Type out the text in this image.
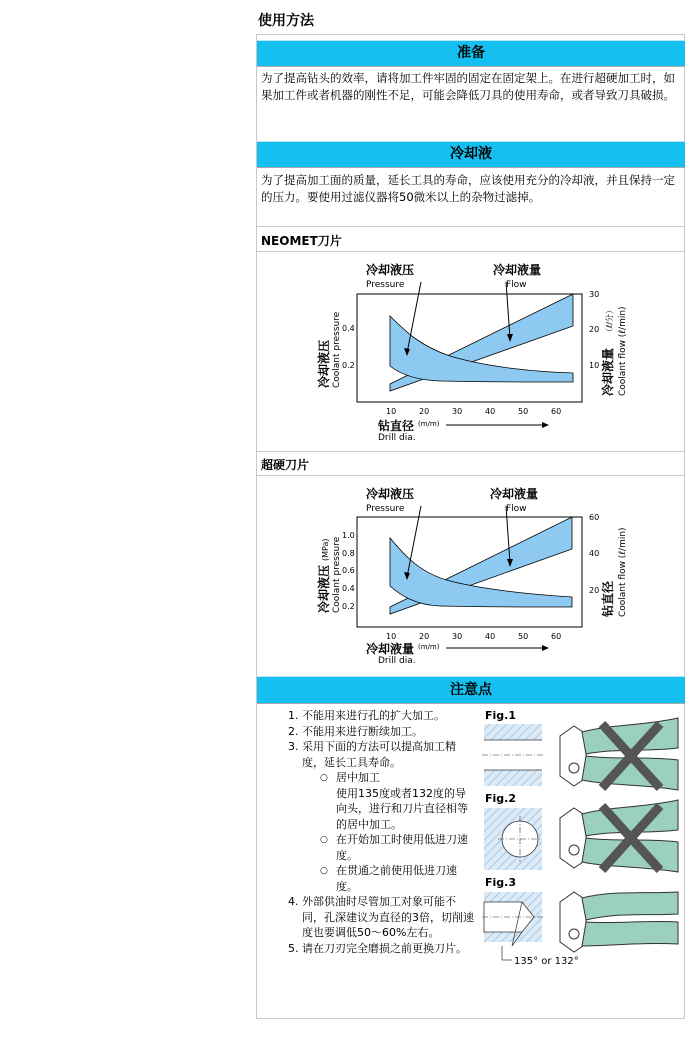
使用方法
准备
为了提高钻头的效率，请将加工件牢固的固定在固定架上。在进行超硬加工时，如果加工件或者机器的刚性不足，可能会降低刀具的使用寿命，或者导致刀具破损。
冷却液
为了提高加工面的质量，延长工具的寿命，应该使用充分的冷却液，并且保持一定的压力。要使用过滤仪器将50微米以上的杂物过滤掉。
NEOMET刀片
冷却液压
Pressure
冷却液量
Flow
0.4
0.2
30
20
10
10	20	30	40	50	60
冷却液压 Coolant pressure	冷却液量
（ℓ/分） Coolant flow (ℓ/min)
钻直径 (m/m)
Drill dia.
超硬刀片
冷却液压
Pressure
冷却液量
Flow
1.0
0.8
0.6
0.4
0.2
60
40
20
10	20	30	40	50	60
冷却液压
(MPa) Coolant pressure	钻直径 Coolant flow (ℓ/min)
冷却液量 (m/m)
Drill dia.
注意点
1. 不能用来进行孔的扩大加工。
2. 不能用来进行断续加工。
3. 采用下面的方法可以提高加工精度，延长工具寿命。
○ 居中加工
使用135度或者132度的导向头，进行和刀片直径相等的居中加工。
○ 在开始加工时使用低进刀速度。
○ 在贯通之前使用低进刀速度。
4. 外部供油时尽管加工对象可能不同，孔深建议为直径的3倍，切削速度也要调低50～60%左右。
5. 请在刀刃完全磨损之前更换刀片。
Fig.1
Fig.2
Fig.3
135° or 132°
